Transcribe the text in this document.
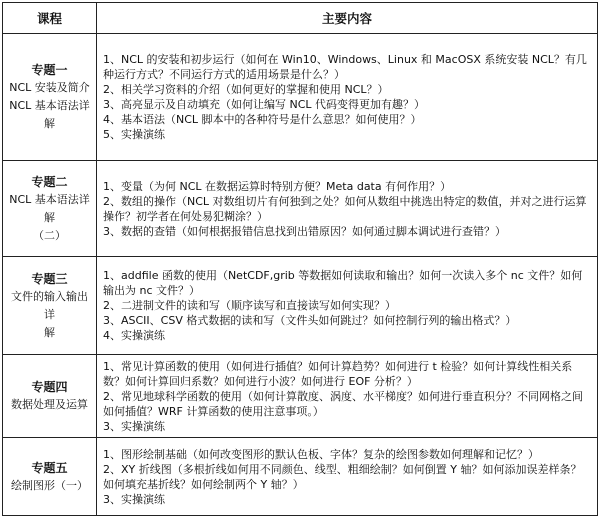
课程	主要内容

专题一
NCL 安装及简介
NCL 基本语法详解	1、NCL 的安装和初步运行（如何在 Win10、Windows、Linux 和 MacOSX 系统安装 NCL？有几种运行方式？不同运行方式的适用场景是什么？）
2、相关学习资料的介绍（如何更好的掌握和使用 NCL？）
3、高亮显示及自动填充（如何让编写 NCL 代码变得更加有趣？）
4、基本语法（NCL 脚本中的各种符号是什么意思？如何使用？）
5、实操演练

专题二
NCL 基本语法详解
（二）	1、变量（为何 NCL 在数据运算时特别方便？Meta data 有何作用？）
2、数组的操作（NCL 对数组切片有何独到之处？如何从数组中挑选出特定的数值，并对之进行运算操作？初学者在何处易犯糊涂？）
3、数据的查错（如何根据报错信息找到出错原因？如何通过脚本调试进行查错？）

专题三
文件的输入输出详
解	1、addfile 函数的使用（NetCDF,grib 等数据如何读取和输出？如何一次读入多个 nc 文件？如何输出为 nc 文件？）
2、二进制文件的读和写（顺序读写和直接读写如何实现？）
3、ASCII、CSV 格式数据的读和写（文件头如何跳过？如何控制行列的输出格式？）
4、实操演练

专题四
数据处理及运算	1、常见计算函数的使用（如何进行插值？如何计算趋势？如何进行 t 检验？如何计算线性相关系数？如何计算回归系数？如何进行小波？如何进行 EOF 分析？）
2、常见地球科学函数的使用（如何计算散度、涡度、水平梯度？如何进行垂直积分？不同网格之间如何插值？WRF 计算函数的使用注意事项。）
3、实操演练

专题五
绘制图形（一）	1、图形绘制基础（如何改变图形的默认色板、字体？复杂的绘图参数如何理解和记忆？）
2、XY 折线图（多根折线如何用不同颜色、线型、粗细绘制？如何倒置 Y 轴？如何添加误差样条？如何填充基折线？如何绘制两个 Y 轴？）
3、实操演练
